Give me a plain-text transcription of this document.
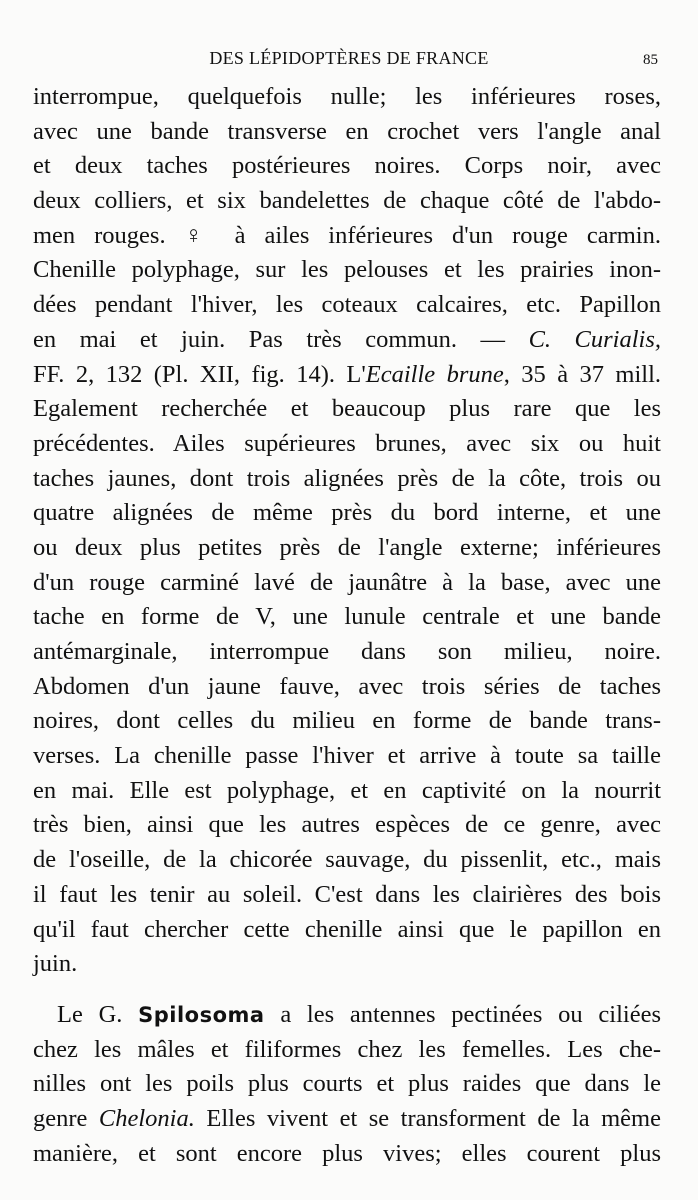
DES LÉPIDOPTÈRES DE FRANCE	85
interrompue, quelquefois nulle; les inférieures roses,
avec une bande transverse en crochet vers l'angle anal
et deux taches postérieures noires. Corps noir, avec
deux colliers, et six bandelettes de chaque côté de l'abdo-
men rouges. ♀ à ailes inférieures d'un rouge carmin.
Chenille polyphage, sur les pelouses et les prairies inon-
dées pendant l'hiver, les coteaux calcaires, etc. Papillon
en mai et juin. Pas très commun. — C. Curialis,
FF. 2, 132 (Pl. XII, fig. 14). L'Ecaille brune, 35 à 37 mill.
Egalement recherchée et beaucoup plus rare que les
précédentes. Ailes supérieures brunes, avec six ou huit
taches jaunes, dont trois alignées près de la côte, trois ou
quatre alignées de même près du bord interne, et une
ou deux plus petites près de l'angle externe; inférieures
d'un rouge carminé lavé de jaunâtre à la base, avec une
tache en forme de V, une lunule centrale et une bande
antémarginale, interrompue dans son milieu, noire.
Abdomen d'un jaune fauve, avec trois séries de taches
noires, dont celles du milieu en forme de bande trans-
verses. La chenille passe l'hiver et arrive à toute sa taille
en mai. Elle est polyphage, et en captivité on la nourrit
très bien, ainsi que les autres espèces de ce genre, avec
de l'oseille, de la chicorée sauvage, du pissenlit, etc., mais
il faut les tenir au soleil. C'est dans les clairières des bois
qu'il faut chercher cette chenille ainsi que le papillon en
juin.
Le G. Spilosoma a les antennes pectinées ou ciliées
chez les mâles et filiformes chez les femelles. Les che-
nilles ont les poils plus courts et plus raides que dans le
genre Chelonia. Elles vivent et se transforment de la même
manière, et sont encore plus vives; elles courent plus
